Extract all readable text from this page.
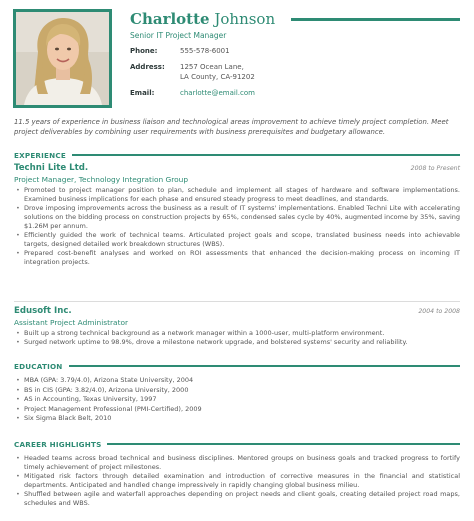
Charlotte Johnson
Senior IT Project Manager
Phone:	555-578-6001
Address:	1257 Ocean Lane,
LA County, CA-91202
Email:	charlotte@email.com
11.5 years of experience in business liaison and technological areas improvement to achieve timely project completion. Meet project deliverables by combining user requirements with business prerequisites and budgetary allowance.
EXPERIENCE
Techni Lite Ltd.	2008 to Present
Project Manager, Technology Integration Group
• Promoted to project manager position to plan, schedule and implement all stages of hardware and software implementations. Examined business implications for each phase and ensured steady progress to meet deadlines, and standards.
• Drove imposing improvements across the business as a result of IT systems' implementations. Enabled Techni Lite with accelerating solutions on the bidding process on construction projects by 65%, condensed sales cycle by 40%, augmented income by 35%, saving $1.26M per annum.
• Efficiently guided the work of technical teams. Articulated project goals and scope, translated business needs into achievable targets, designed detailed work breakdown structures (WBS).
• Prepared cost-benefit analyses and worked on ROI assessments that enhanced the decision-making process on incoming IT integration projects.
Edusoft Inc.	2004 to 2008
Assistant Project Administrator
• Built up a strong technical background as a network manager within a 1000-user, multi-platform environment.
• Surged network uptime to 98.9%, drove a milestone network upgrade, and bolstered systems' security and reliability.
EDUCATION
• MBA (GPA: 3.79/4.0), Arizona State University, 2004
• BS in CIS (GPA: 3.82/4.0), Arizona University, 2000
• AS in Accounting, Texas University, 1997
• Project Management Professional (PMI-Certified), 2009
• Six Sigma Black Belt, 2010
CAREER HIGHLIGHTS
• Headed teams across broad technical and business disciplines. Mentored groups on business goals and tracked progress to fortify timely achievement of project milestones.
• Mitigated risk factors through detailed examination and introduction of corrective measures in the financial and statistical departments. Anticipated and handled change impressively in rapidly changing global business milieu.
• Shuffled between agile and waterfall approaches depending on project needs and client goals, creating detailed project road maps, schedules and WBS.
